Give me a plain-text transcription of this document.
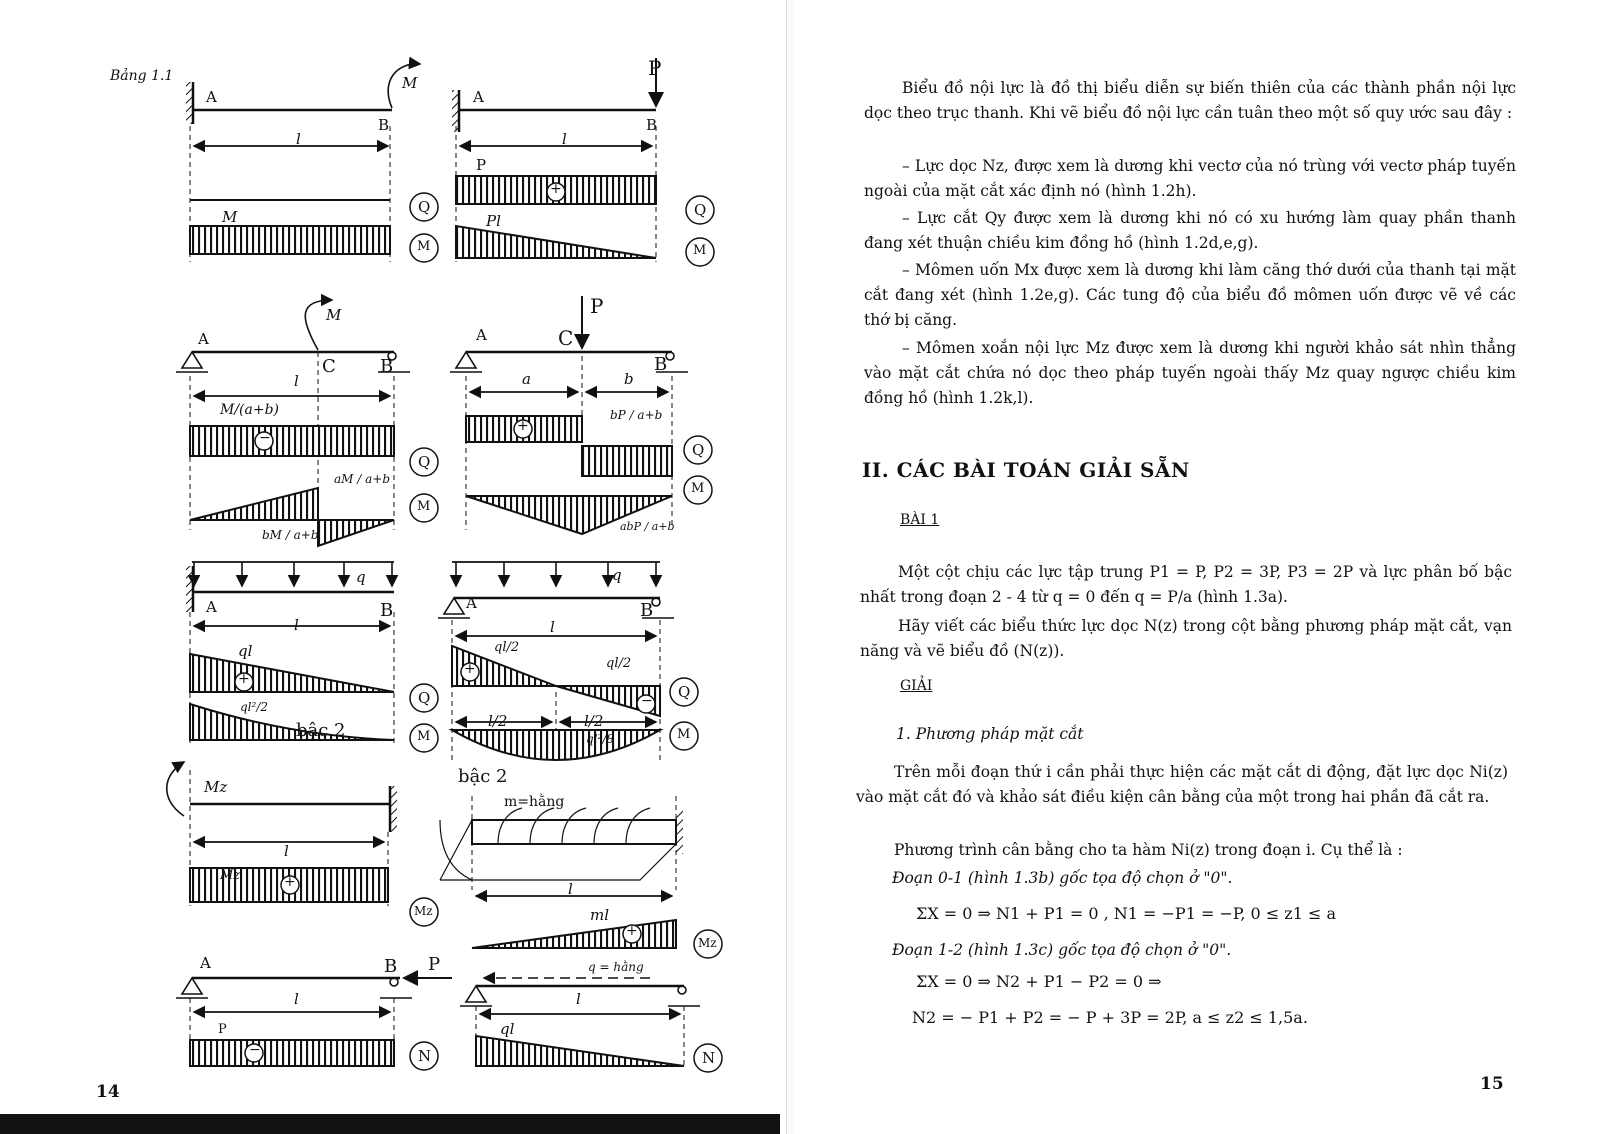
Bảng 1.1
A
B
l
A
B
P
l
P
Pl
M
M
A
C B
l
M
M/(a+b)
aM / a+b
bM / a+b
A	C
P
B
a	b
bP / a+b
abP / a+b
A	B
q
l
ql
ql²/2
bậc 2
A	B
q
l
ql/2
ql/2
l/2	l/2
ql²/8
bậc 2
Mz
l
Mz
m=hằng
l
ml
A	B P
l
P
q = hằng
l
ql
Q
M
Q
M
Q
M
Q
M
Q
M
Q
M
Mz
Mz
N	N
+
−
+
+
+
−
+
+
−
14
Biểu đồ nội lực là đồ thị biểu diễn sự biến thiên của các thành phần nội lực dọc theo trục thanh. Khi vẽ biểu đồ nội lực cần tuân theo một số quy ước sau đây :
– Lực dọc Nz, được xem là dương khi vectơ của nó trùng với vectơ pháp tuyến ngoài của mặt cắt xác định nó (hình 1.2h).
– Lực cắt Qy được xem là dương khi nó có xu hướng làm quay phần thanh đang xét thuận chiều kim đồng hồ (hình 1.2d,e,g).
– Mômen uốn Mx được xem là dương khi làm căng thớ dưới của thanh tại mặt cắt đang xét (hình 1.2e,g). Các tung độ của biểu đồ mômen uốn được vẽ về các thớ bị căng.
– Mômen xoắn nội lực Mz được xem là dương khi người khảo sát nhìn thẳng vào mặt cắt chứa nó dọc theo pháp tuyến ngoài thấy Mz quay ngược chiều kim đồng hồ (hình 1.2k,l).
II. CÁC BÀI TOÁN GIẢI SẴN
BÀI 1
Một cột chịu các lực tập trung P1 = P, P2 = 3P, P3 = 2P và lực phân bố bậc nhất trong đoạn 2 - 4 từ q = 0 đến q = P/a (hình 1.3a).
Hãy viết các biểu thức lực dọc N(z) trong cột bằng phương pháp mặt cắt, vạn năng và vẽ biểu đồ (N(z)).
GIẢI
1. Phương pháp mặt cắt
Trên mỗi đoạn thứ i cần phải thực hiện các mặt cắt di động, đặt lực dọc Ni(z) vào mặt cắt đó và khảo sát điều kiện cân bằng của một trong hai phần đã cắt ra.
Phương trình cân bằng cho ta hàm Ni(z) trong đoạn i. Cụ thể là :
Đoạn 0-1 (hình 1.3b) gốc tọa độ chọn ở "0".
ΣX = 0 ⇒ N1 + P1 = 0 , N1 = −P1 = −P, 0 ≤ z1 ≤ a
Đoạn 1-2 (hình 1.3c) gốc tọa độ chọn ở "0".
ΣX = 0 ⇒ N2 + P1 − P2 = 0 ⇒
N2 = − P1 + P2 = − P + 3P = 2P, a ≤ z2 ≤ 1,5a.
15
